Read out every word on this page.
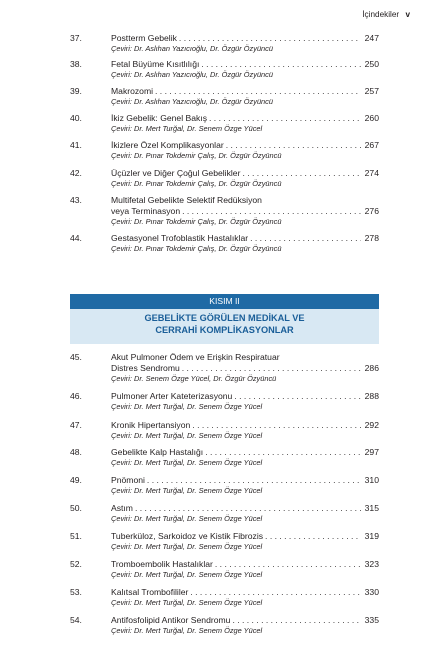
İçindekiler v
KISIM II
GEBELİKTE GÖRÜLEN MEDİKAL VE
CERRAHİ KOMPLİKASYONLAR
37.	Postterm Gebelik . . .	247
Çeviri: Dr. Aslıhan Yazıcıoğlu, Dr. Özgür Özyüncü
38.	Fetal Büyüme Kısıtlılığı . . .	250
Çeviri: Dr. Aslıhan Yazıcıoğlu, Dr. Özgür Özyüncü
39.	Makrozomi . . .	257
Çeviri: Dr. Aslıhan Yazıcıoğlu, Dr. Özgür Özyüncü
40.	İkiz Gebelik: Genel Bakış . . .	260
Çeviri: Dr. Mert Turğal, Dr. Senem Özge Yücel
41.	İkizlere Özel Komplikasyonlar . . .	267
Çeviri: Dr. Pınar Tokdemir Çalış, Dr. Özgür Özyüncü
42.	Üçüzler ve Diğer Çoğul Gebelikler . . .	274
Çeviri: Dr. Pınar Tokdemir Çalış, Dr. Özgür Özyüncü
43.	Multifetal Gebelikte Selektif Redüksiyon
veya Terminasyon . . .	276
Çeviri: Dr. Pınar Tokdemir Çalış, Dr. Özgür Özyüncü
44.	Gestasyonel Trofoblastik Hastalıklar . . .	278
Çeviri: Dr. Pınar Tokdemir Çalış, Dr. Özgür Özyüncü
45.	Akut Pulmoner Ödem ve Erişkin Respiratuar
Distres Sendromu . . .	286
Çeviri: Dr. Senem Özge Yücel, Dr. Özgür Özyüncü
46.	Pulmoner Arter Kateterizasyonu . . .	288
Çeviri: Dr. Mert Turğal, Dr. Senem Özge Yücel
47.	Kronik Hipertansiyon . . .	292
Çeviri: Dr. Mert Turğal, Dr. Senem Özge Yücel
48.	Gebelikte Kalp Hastalığı . . .	297
Çeviri: Dr. Mert Turğal, Dr. Senem Özge Yücel
49.	Pnömoni . . .	310
Çeviri: Dr. Mert Turğal, Dr. Senem Özge Yücel
50.	Astım . . .	315
Çeviri: Dr. Mert Turğal, Dr. Senem Özge Yücel
51.	Tuberküloz, Sarkoidoz ve Kistik Fibrozis . . .	319
Çeviri: Dr. Mert Turğal, Dr. Senem Özge Yücel
52.	Tromboembolik Hastalıklar . . .	323
Çeviri: Dr. Mert Turğal, Dr. Senem Özge Yücel
53.	Kalıtsal Trombofililer . . .	330
Çeviri: Dr. Mert Turğal, Dr. Senem Özge Yücel
54.	Antifosfolipid Antikor Sendromu . . .	335
Çeviri: Dr. Mert Turğal, Dr. Senem Özge Yücel
